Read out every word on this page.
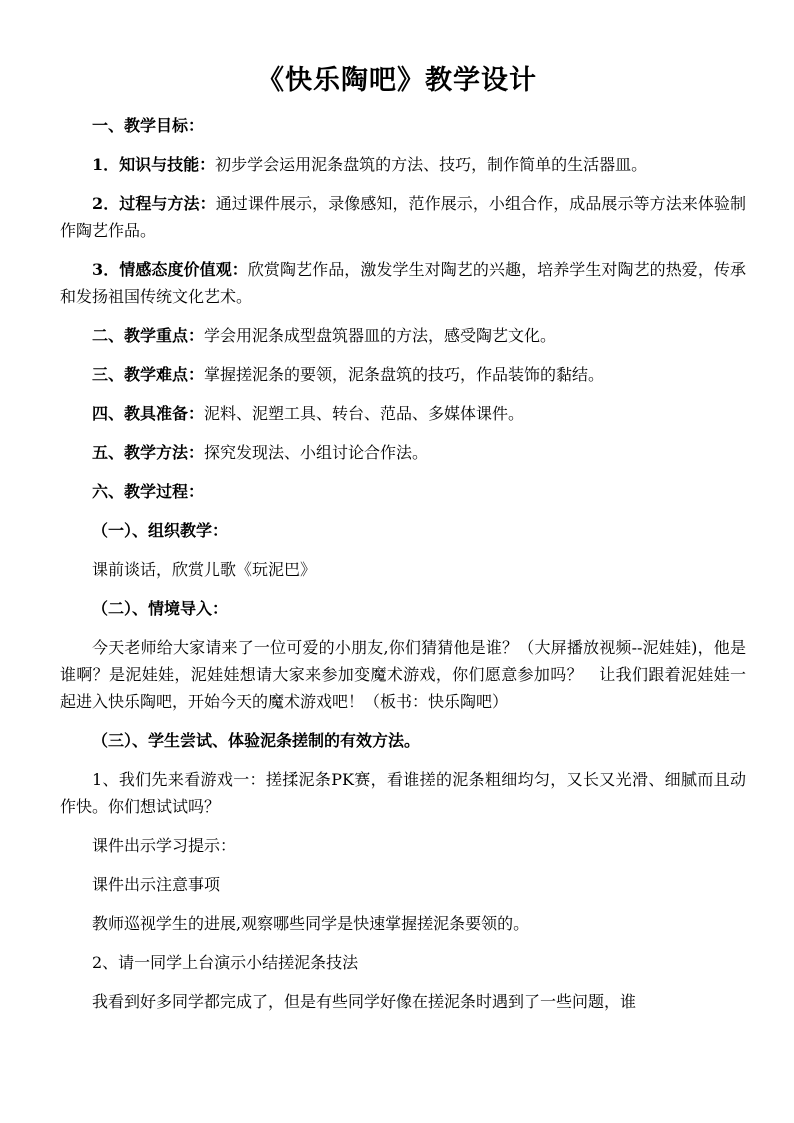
《快乐陶吧》教学设计

一、教学目标：

1．知识与技能：初步学会运用泥条盘筑的方法、技巧，制作简单的生活器皿。

2．过程与方法：通过课件展示，录像感知，范作展示，小组合作，成品展示等方法来体验制作陶艺作品。

3．情感态度价值观：欣赏陶艺作品，激发学生对陶艺的兴趣，培养学生对陶艺的热爱，传承和发扬祖国传统文化艺术。

二、教学重点：学会用泥条成型盘筑器皿的方法，感受陶艺文化。

三、教学难点：掌握搓泥条的要领，泥条盘筑的技巧，作品装饰的黏结。

四、教具准备：泥料、泥塑工具、转台、范品、多媒体课件。

五、教学方法：探究发现法、小组讨论合作法。

六、教学过程：

（一）、组织教学：

课前谈话，欣赏儿歌《玩泥巴》

（二）、情境导入：

今天老师给大家请来了一位可爱的小朋友,你们猜猜他是谁？（大屏播放视频--泥娃娃)，他是谁啊？是泥娃娃，泥娃娃想请大家来参加变魔术游戏，你们愿意参加吗？　让我们跟着泥娃娃一起进入快乐陶吧，开始今天的魔术游戏吧！（板书：快乐陶吧）

（三）、学生尝试、体验泥条搓制的有效方法。

1、我们先来看游戏一：搓揉泥条PK赛，看谁搓的泥条粗细均匀，又长又光滑、细腻而且动作快。你们想试试吗？

课件出示学习提示：

课件出示注意事项

教师巡视学生的进展,观察哪些同学是快速掌握搓泥条要领的。

2、请一同学上台演示小结搓泥条技法

我看到好多同学都完成了，但是有些同学好像在搓泥条时遇到了一些问题，谁
